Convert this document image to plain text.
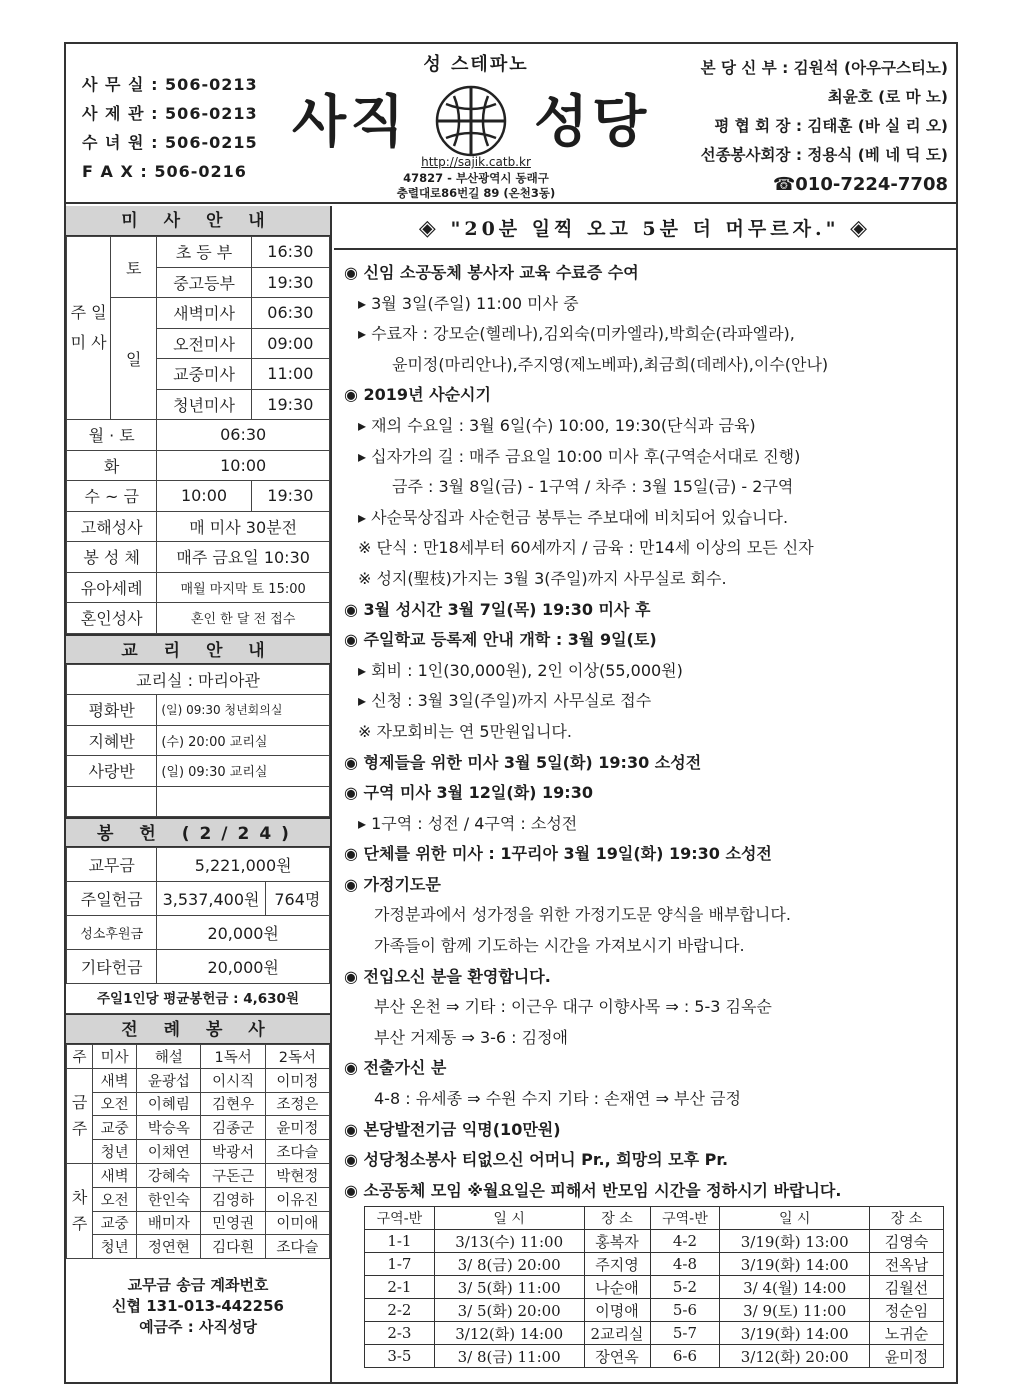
사 무 실 : 506-0213
사 제 관 : 506-0213
수 녀 원 : 506-0215
F A X : 506-0216
성 스테파노
사직 성당
http://sajik.catb.kr
47827 - 부산광역시 동래구
충렬대로86번길 89 (온천3동)
본 당 신 부 : 김원석 (아우구스티노)
최윤호 (로 마 노)
평 협 회 장 : 김태훈 (바 실 리 오)
선종봉사회장 : 정용식 (베 네 딕 도)
☎010-7224-7708
미 사 안 내
주 일 미 사	토	초 등 부	16:30
		중고등부	19:30
	일	새벽미사	06:30
		오전미사	09:00
		교중미사	11:00
		청년미사	19:30
월 · 토		06:30	
화		10:00	
수 ~ 금		10:00	19:30
고해성사		매 미사 30분전	
봉 성 체		매주 금요일 10:30	
유아세례		매월 마지막 토 15:00	
혼인성사		혼인 한 달 전 접수	
교 리 안 내
교리실 : 마리아관	
평화반	(일) 09:30 청년회의실
지혜반	(수) 20:00 교리실
사랑반	(일) 09:30 교리실

봉 헌 (2/24)
교무금	5,221,000원	
주일헌금	3,537,400원	764명
성소후원금	20,000원	
기타헌금	20,000원	
주일1인당 평균봉헌금 : 4,630원
전 례 봉 사
주	미사	해설	1독서	2독서
금 주	새벽	윤광섭	이시직	이미정
	오전	이혜림	김현우	조정은
	교중	박승옥	김종군	윤미정
	청년	이채연	박광서	조다슬
차 주	새벽	강혜숙	구돈근	박현정
	오전	한인숙	김영하	이유진
	교중	배미자	민영권	이미애
	청년	정연현	김다흰	조다슬
교무금 송금 계좌번호
신협 131-013-442256
예금주 : 사직성당
◈ "20분 일찍 오고 5분 더 머무르자." ◈
◉ 신임 소공동체 봉사자 교육 수료증 수여
▸ 3월 3일(주일) 11:00 미사 중
▸ 수료자 : 강모순(헬레나),김외숙(미카엘라),박희순(라파엘라),
윤미정(마리안나),주지영(제노베파),최금희(데레사),이수(안나)
◉ 2019년 사순시기
▸ 재의 수요일 : 3월 6일(수) 10:00, 19:30(단식과 금육)
▸ 십자가의 길 : 매주 금요일 10:00 미사 후(구역순서대로 진행)
금주 : 3월 8일(금) - 1구역 / 차주 : 3월 15일(금) - 2구역
▸ 사순묵상집과 사순헌금 봉투는 주보대에 비치되어 있습니다.
※ 단식 : 만18세부터 60세까지 / 금육 : 만14세 이상의 모든 신자
※ 성지(聖枝)가지는 3월 3(주일)까지 사무실로 회수.
◉ 3월 성시간 3월 7일(목) 19:30 미사 후
◉ 주일학교 등록제 안내 개학 : 3월 9일(토)
▸ 회비 : 1인(30,000원), 2인 이상(55,000원)
▸ 신청 : 3월 3일(주일)까지 사무실로 접수
※ 자모회비는 연 5만원입니다.
◉ 형제들을 위한 미사 3월 5일(화) 19:30 소성전
◉ 구역 미사 3월 12일(화) 19:30
▸ 1구역 : 성전 / 4구역 : 소성전
◉ 단체를 위한 미사 : 1꾸리아 3월 19일(화) 19:30 소성전
◉ 가정기도문
가정분과에서 성가정을 위한 가정기도문 양식을 배부합니다.
가족들이 함께 기도하는 시간을 가져보시기 바랍니다.
◉ 전입오신 분을 환영합니다.
부산 온천 ⇒ 기타 : 이근우 대구 이향사목 ⇒ : 5-3 김옥순
부산 거제동 ⇒ 3-6 : 김정애
◉ 전출가신 분
4-8 : 유세종 ⇒ 수원 수지 기타 : 손재연 ⇒ 부산 금정
◉ 본당발전기금 익명(10만원)
◉ 성당청소봉사 티없으신 어머니 Pr., 희망의 모후 Pr.
◉ 소공동체 모임 ※월요일은 피해서 반모임 시간을 정하시기 바랍니다.
구역-반	일 시	장 소	구역-반	일 시	장 소
1-1	3/13(수) 11:00	홍복자	4-2	3/19(화) 13:00	김영숙
1-7	3/ 8(금) 20:00	주지영	4-8	3/19(화) 14:00	전옥남
2-1	3/ 5(화) 11:00	나순애	5-2	3/ 4(월) 14:00	김월선
2-2	3/ 5(화) 20:00	이명애	5-6	3/ 9(토) 11:00	정순임
2-3	3/12(화) 14:00	2교리실	5-7	3/19(화) 14:00	노귀순
3-5	3/ 8(금) 11:00	장연옥	6-6	3/12(화) 20:00	윤미정
